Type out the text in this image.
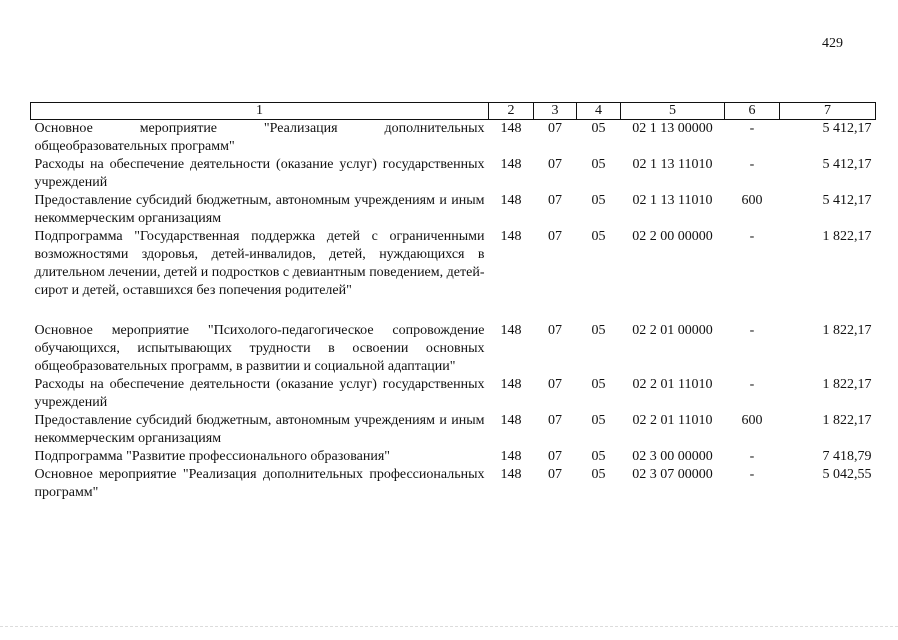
429
1	2	3	4	5	6	7
Основное мероприятие "Реализация дополнительных общеобразовательных программ"	148	07	05	02 1 13 00000	-	5 412,17
Расходы на обеспечение деятельности (оказание услуг) государственных учреждений	148	07	05	02 1 13 11010	-	5 412,17
Предоставление субсидий бюджетным, автономным учреждениям и иным некоммерческим организациям	148	07	05	02 1 13 11010	600	5 412,17
Подпрограмма "Государственная поддержка детей с ограниченными возможностями здоровья, детей-инвалидов, детей, нуждающихся в длительном лечении, детей и подростков с девиантным поведением, детей-сирот и детей, оставшихся без попечения родителей"	148	07	05	02 2 00 00000	-	1 822,17

Основное мероприятие "Психолого-педагогическое сопровождение обучающихся, испытывающих трудности в освоении основных общеобразовательных программ, в развитии и социальной адаптации"	148	07	05	02 2 01 00000	-	1 822,17
Расходы на обеспечение деятельности (оказание услуг) государственных учреждений	148	07	05	02 2 01 11010	-	1 822,17
Предоставление субсидий бюджетным, автономным учреждениям и иным некоммерческим организациям	148	07	05	02 2 01 11010	600	1 822,17
Подпрограмма "Развитие профессионального образования"	148	07	05	02 3 00 00000	-	7 418,79
Основное мероприятие "Реализация дополнительных профессиональных программ"	148	07	05	02 3 07 00000	-	5 042,55
